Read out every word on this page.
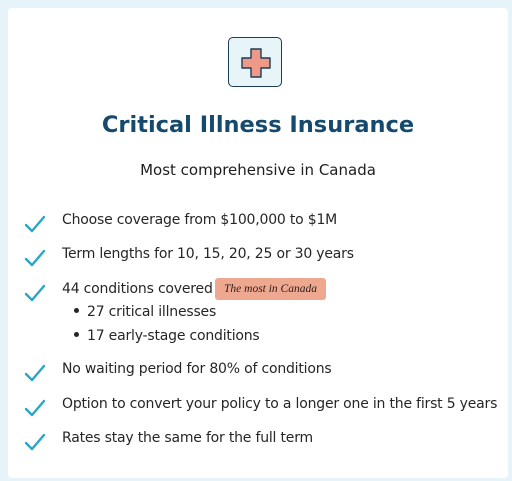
Critical Illness Insurance
Most comprehensive in Canada
Choose coverage from $100,000 to $1M
Term lengths for 10, 15, 20, 25 or 30 years
44 conditions covered The most in Canada
27 critical illnesses
17 early-stage conditions
No waiting period for 80% of conditions
Option to convert your policy to a longer one in the first 5 years
Rates stay the same for the full term
